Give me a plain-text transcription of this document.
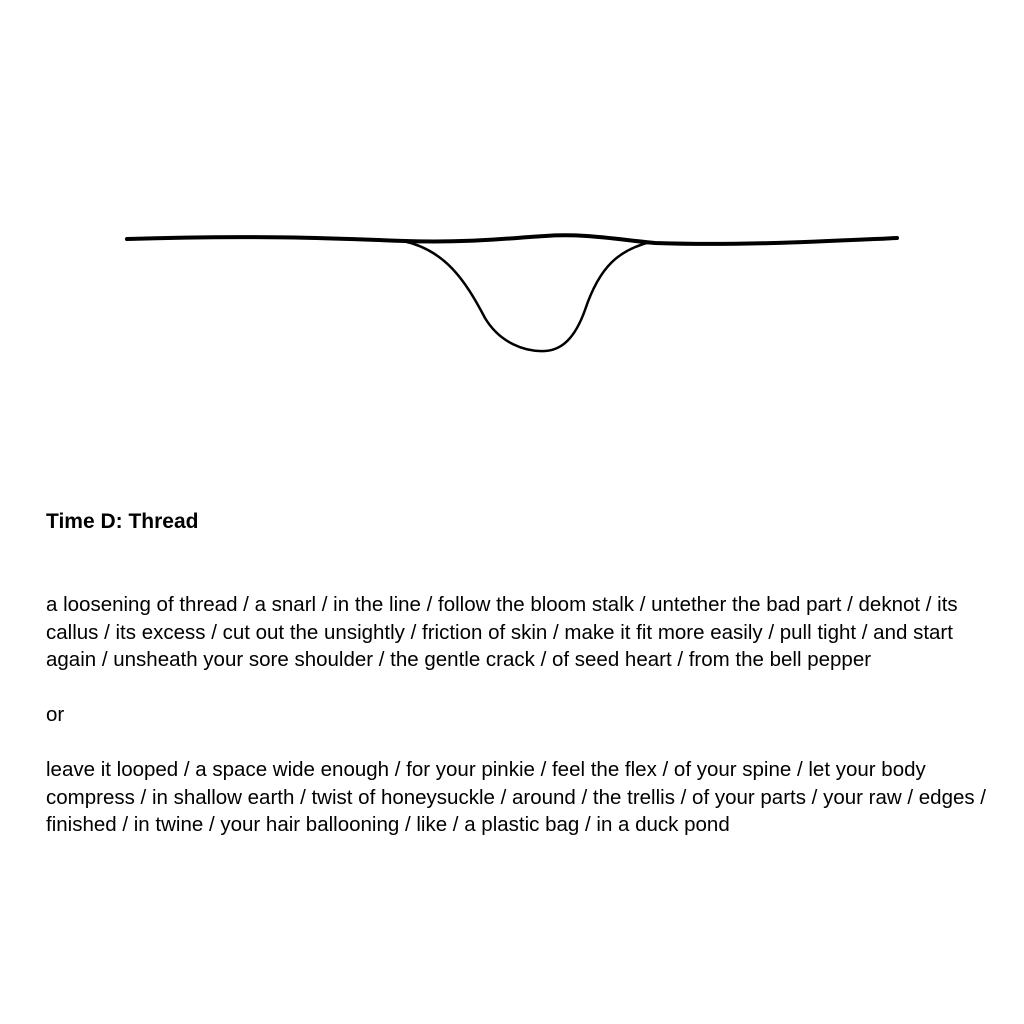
Time D: Thread

a loosening of thread / a snarl / in the line / follow the bloom stalk / untether the bad part / deknot / its callus / its excess / cut out the unsightly / friction of skin / make it fit more easily / pull tight / and start again / unsheath your sore shoulder / the gentle crack / of seed heart / from the bell pepper

or

leave it looped / a space wide enough / for your pinkie / feel the flex / of your spine / let your body compress / in shallow earth / twist of honeysuckle / around / the trellis / of your parts / your raw / edges / finished / in twine / your hair ballooning / like / a plastic bag / in a duck pond
